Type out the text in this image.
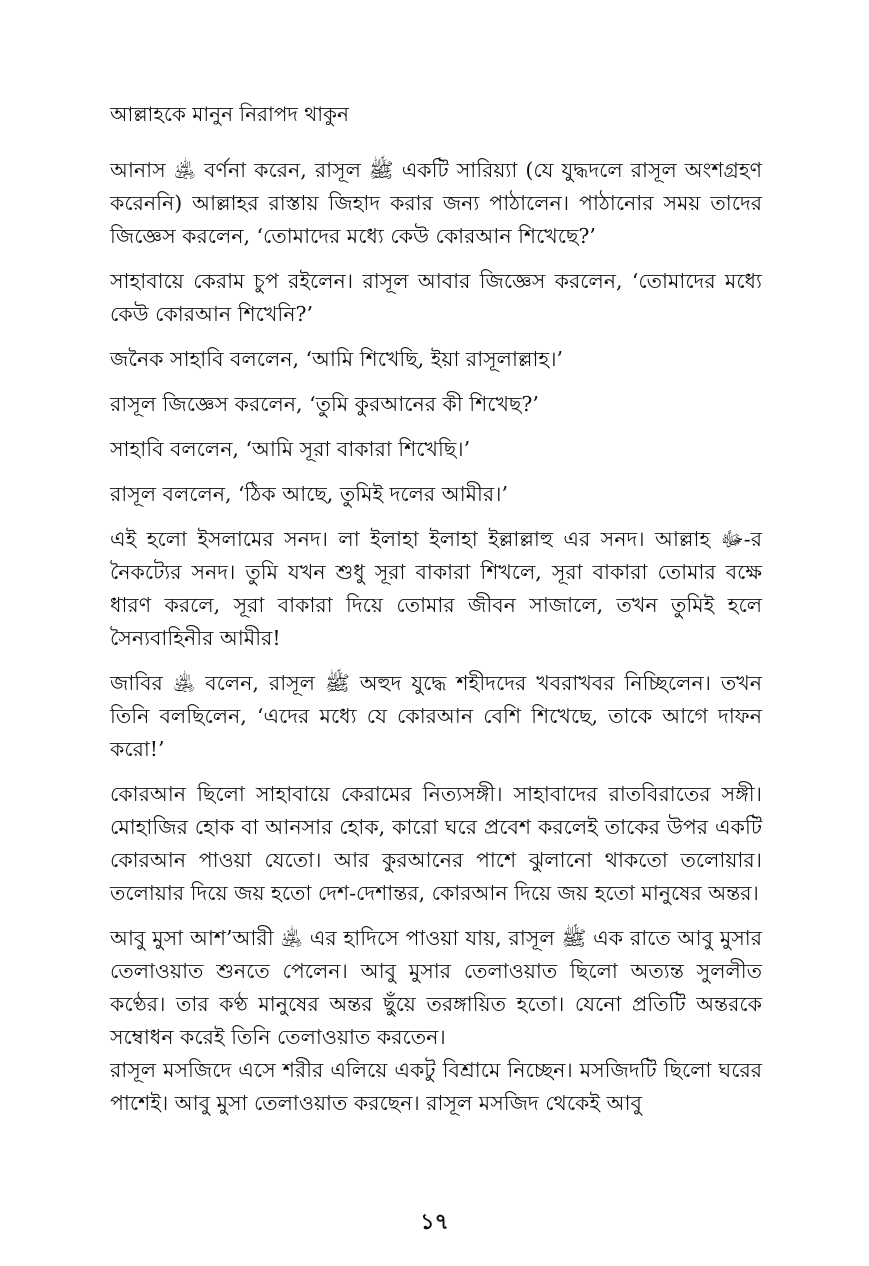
আল্লাহকে মানুন নিরাপদ থাকুন

আনাস ﵁ বর্ণনা করেন, রাসূল ﷺ একটি সারিয়্যা (যে যুদ্ধদলে রাসূল অংশগ্রহণ করেননি) আল্লাহর রাস্তায় জিহাদ করার জন্য পাঠালেন। পাঠানোর সময় তাদের জিজ্ঞেস করলেন, ‘তোমাদের মধ্যে কেউ কোরআন শিখেছে?’

সাহাবায়ে কেরাম চুপ রইলেন। রাসূল আবার জিজ্ঞেস করলেন, ‘তোমাদের মধ্যে কেউ কোরআন শিখেনি?’

জনৈক সাহাবি বললেন, ‘আমি শিখেছি, ইয়া রাসূলাল্লাহ।’

রাসূল জিজ্ঞেস করলেন, ‘তুমি কুরআনের কী শিখেছ?’

সাহাবি বললেন, ‘আমি সূরা বাকারা শিখেছি।’

রাসূল বললেন, ‘ঠিক আছে, তুমিই দলের আমীর।’

এই হলো ইসলামের সনদ। লা ইলাহা ইলাহা ইল্লাল্লাহু এর সনদ। আল্লাহ ﷻ-র নৈকট্যের সনদ। তুমি যখন শুধু সূরা বাকারা শিখলে, সূরা বাকারা তোমার বক্ষে ধারণ করলে, সূরা বাকারা দিয়ে তোমার জীবন সাজালে, তখন তুমিই হলে সৈন্যবাহিনীর আমীর!

জাবির ﵁ বলেন, রাসূল ﷺ অহুদ যুদ্ধে শহীদদের খবরাখবর নিচ্ছিলেন। তখন তিনি বলছিলেন, ‘এদের মধ্যে যে কোরআন বেশি শিখেছে, তাকে আগে দাফন করো!’

কোরআন ছিলো সাহাবায়ে কেরামের নিত্যসঙ্গী। সাহাবাদের রাতবিরাতের সঙ্গী। মোহাজির হোক বা আনসার হোক, কারো ঘরে প্রবেশ করলেই তাকের উপর একটি কোরআন পাওয়া যেতো। আর কুরআনের পাশে ঝুলানো থাকতো তলোয়ার। তলোয়ার দিয়ে জয় হতো দেশ-দেশান্তর, কোরআন দিয়ে জয় হতো মানুষের অন্তর।

আবু মুসা আশ’আরী ﵁ এর হাদিসে পাওয়া যায়, রাসূল ﷺ এক রাতে আবু মুসার তেলাওয়াত শুনতে পেলেন। আবু মুসার তেলাওয়াত ছিলো অত্যন্ত সুললীত কণ্ঠের। তার কণ্ঠ মানুষের অন্তর ছুঁয়ে তরঙ্গায়িত হতো। যেনো প্রতিটি অন্তরকে সম্বোধন করেই তিনি তেলাওয়াত করতেন।

রাসূল মসজিদে এসে শরীর এলিয়ে একটু বিশ্রামে নিচ্ছেন। মসজিদটি ছিলো ঘরের পাশেই। আবু মুসা তেলাওয়াত করছেন। রাসূল মসজিদ থেকেই আবু

১৭
